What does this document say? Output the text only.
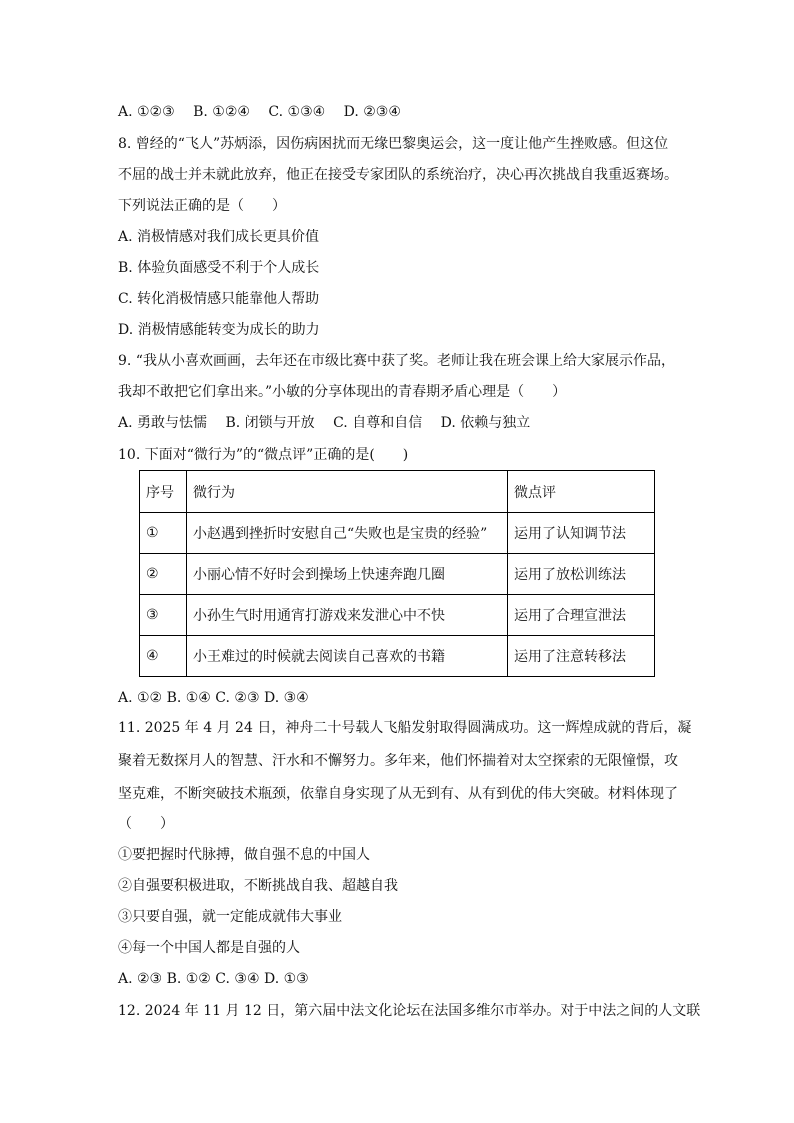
A. ①②③　 B. ①②④　 C. ①③④　 D. ②③④
8. 曾经的“飞人”苏炳添，因伤病困扰而无缘巴黎奥运会，这一度让他产生挫败感。但这位
不屈的战士并未就此放弃，他正在接受专家团队的系统治疗，决心再次挑战自我重返赛场。
下列说法正确的是（　　）
A. 消极情感对我们成长更具价值
B. 体验负面感受不利于个人成长
C. 转化消极情感只能靠他人帮助
D. 消极情感能转变为成长的助力
9. “我从小喜欢画画，去年还在市级比赛中获了奖。老师让我在班会课上给大家展示作品，
我却不敢把它们拿出来。”小敏的分享体现出的青春期矛盾心理是（　　）
A. 勇敢与怯懦　 B. 闭锁与开放　 C. 自尊和自信　 D. 依赖与独立
10. 下面对“微行为”的“微点评”正确的是(　　)
序号	微行为	微点评
①	小赵遇到挫折时安慰自己“失败也是宝贵的经验”	运用了认知调节法
②	小丽心情不好时会到操场上快速奔跑几圈	运用了放松训练法
③	小孙生气时用通宵打游戏来发泄心中不快	运用了合理宣泄法
④	小王难过的时候就去阅读自己喜欢的书籍	运用了注意转移法
A. ①② B. ①④ C. ②③ D. ③④
11. 2025 年 4 月 24 日，神舟二十号载人飞船发射取得圆满成功。这一辉煌成就的背后，凝
聚着无数探月人的智慧、汗水和不懈努力。多年来，他们怀揣着对太空探索的无限憧憬，攻
坚克难，不断突破技术瓶颈，依靠自身实现了从无到有、从有到优的伟大突破。材料体现了
（　　）
①要把握时代脉搏，做自强不息的中国人
②自强要积极进取，不断挑战自我、超越自我
③只要自强，就一定能成就伟大事业
④每一个中国人都是自强的人
A. ②③ B. ①② C. ③④ D. ①③
12. 2024 年 11 月 12 日，第六届中法文化论坛在法国多维尔市举办。对于中法之间的人文联
